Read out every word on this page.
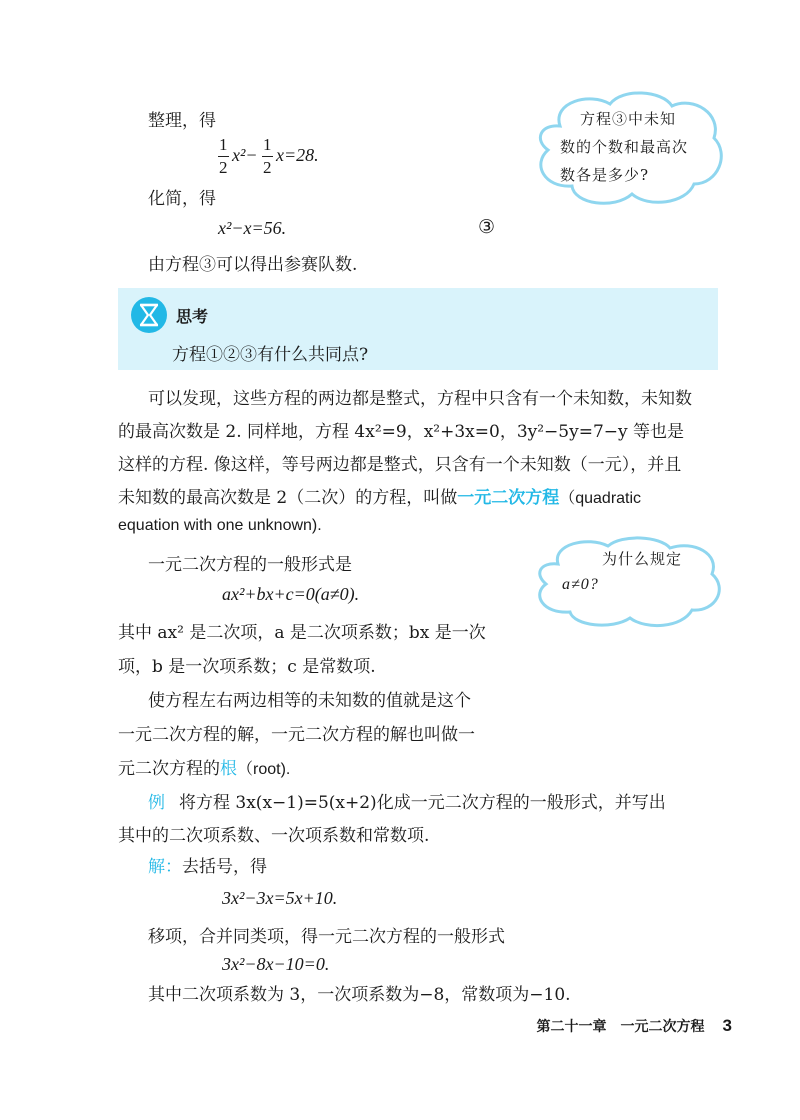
整理，得
$\frac{1}{2} x^2- \frac{1}{2} x=28$.
化简，得
x²−x=56.	③
由方程③可以得出参赛队数.
方程③中未知
数的个数和最高次
数各是多少?
思考
方程①②③有什么共同点?
可以发现，这些方程的两边都是整式，方程中只含有一个未知数，未知数
的最高次数是 2. 同样地，方程 4x²=9，x²+3x=0，3y²−5y=7−y 等也是
这样的方程. 像这样，等号两边都是整式，只含有一个未知数（一元），并且
未知数的最高次数是 2（二次）的方程，叫做一元二次方程（quadratic
equation with one unknown).
一元二次方程的一般形式是
ax²+bx+c=0(a≠0).
其中 ax² 是二次项，a 是二次项系数；bx 是一次
项，b 是一次项系数；c 是常数项.
使方程左右两边相等的未知数的值就是这个
一元二次方程的解，一元二次方程的解也叫做一
元二次方程的根（root).
为什么规定
a≠0?
例 将方程 3x(x−1)=5(x+2)化成一元二次方程的一般形式，并写出
其中的二次项系数、一次项系数和常数项.
解：去括号，得
3x²−3x=5x+10.
移项，合并同类项，得一元二次方程的一般形式
3x²−8x−10=0.
其中二次项系数为 3，一次项系数为−8，常数项为−10.
第二十一章　一元二次方程 3
